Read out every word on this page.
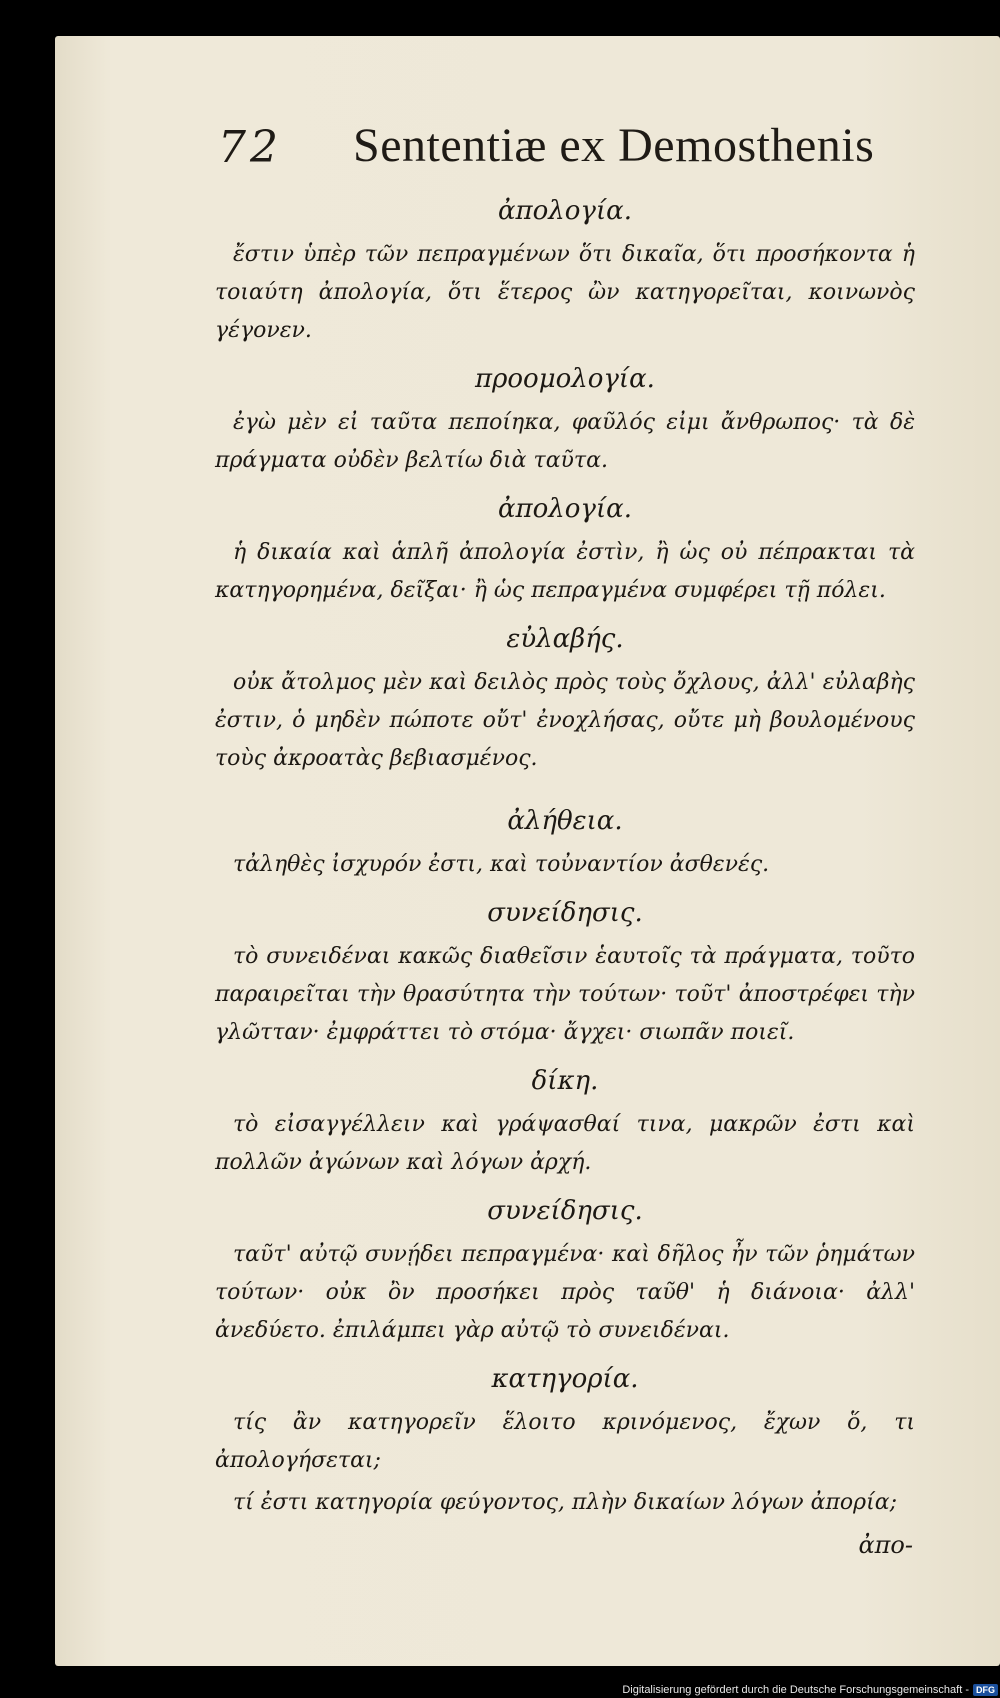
72 Sententiæ ex Demosthenis

ἀπολογία.

ἔστιν ὑπὲρ τῶν πεπραγμένων ὅτι δικαῖα, ὅτι προσήκοντα ἡ τοιαύτη ἀπολογία, ὅτι ἕτερος ὢν κατηγορεῖται, κοινωνὸς γέγονεν.

προομολογία.

ἐγὼ μὲν εἰ ταῦτα πεποίηκα, φαῦλός εἰμι ἄνθρωπος· τὰ δὲ πράγματα οὐδὲν βελτίω διὰ ταῦτα.

ἀπολογία.

ἡ δικαία καὶ ἁπλῆ ἀπολογία ἐστὶν, ἢ ὡς οὐ πέπρακται τὰ κατηγορημένα, δεῖξαι· ἢ ὡς πεπραγμένα συμφέρει τῇ πόλει.

εὐλαβής.

οὐκ ἄτολμος μὲν καὶ δειλὸς πρὸς τοὺς ὄχλους, ἀλλ' εὐλαβὴς ἐστιν, ὁ μηδὲν πώποτε οὔτ' ἐνοχλήσας, οὔτε μὴ βουλομένους τοὺς ἀκροατὰς βεβιασμένος.

ἀλήθεια.

τἀληθὲς ἰσχυρόν ἐστι, καὶ τοὐναντίον ἀσθενές.

συνείδησις.

τὸ συνειδέναι κακῶς διαθεῖσιν ἑαυτοῖς τὰ πράγματα, τοῦτο παραιρεῖται τὴν θρασύτητα τὴν τούτων· τοῦτ' ἀποστρέφει τὴν γλῶτταν· ἐμφράττει τὸ στόμα· ἄγχει· σιωπᾶν ποιεῖ.

δίκη.

τὸ εἰσαγγέλλειν καὶ γράψασθαί τινα, μακρῶν ἐστι καὶ πολλῶν ἀγώνων καὶ λόγων ἀρχή.

συνείδησις.

ταῦτ' αὐτῷ συνῄδει πεπραγμένα· καὶ δῆλος ἦν τῶν ῥημάτων τούτων· οὐκ ὂν προσήκει πρὸς ταῦθ' ἡ διάνοια· ἀλλ' ἀνεδύετο. ἐπιλάμπει γὰρ αὐτῷ τὸ συνειδέναι.

κατηγορία.

τίς ἂν κατηγορεῖν ἕλοιτο κρινόμενος, ἔχων ὅ, τι ἀπολογήσεται;

τί ἐστι κατηγορία φεύγοντος, πλὴν δικαίων λόγων ἀπορία;

ἀπο-

Digitalisierung gefördert durch die Deutsche Forschungsgemeinschaft - DFG
